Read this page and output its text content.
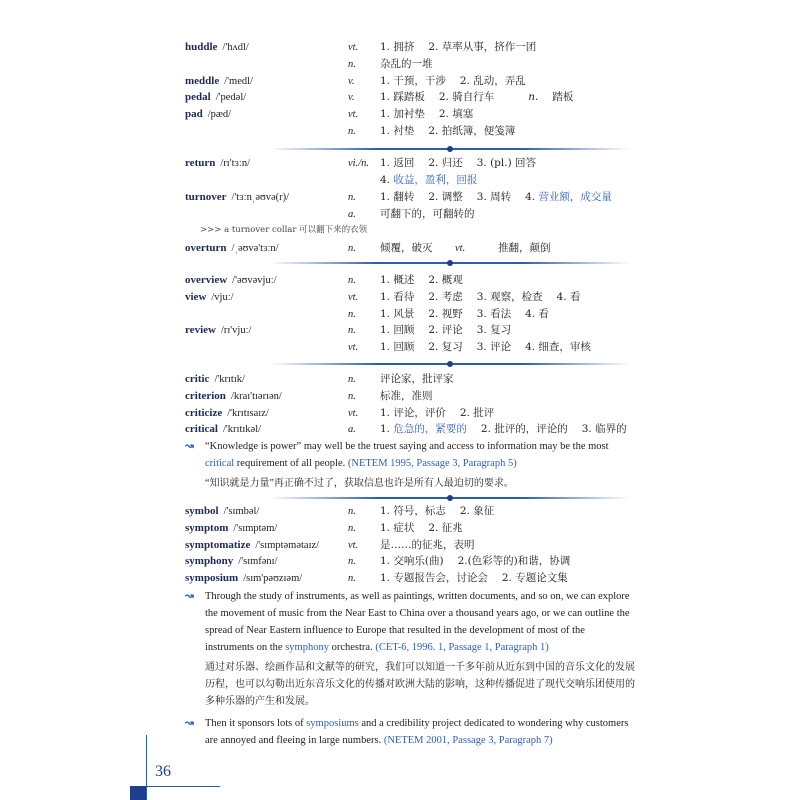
huddle /'hʌdl/	vt. 1. 拥挤 2. 草率从事，挤作一团
n. 杂乱的一堆
meddle /'medl/	v. 1. 干预，干涉 2. 乱动，弄乱
pedal /'pedəl/	v. 1. 踩踏板 2. 骑自行车	n. 踏板
pad /pæd/	vt. 1. 加衬垫 2. 填塞
n. 1. 衬垫 2. 拍纸簿，便笺簿
return /rɪ'tɜːn/	vi./n. 1. 返回 2. 归还 3. (pl.) 回答
4. 收益，盈利，回报
turnover /'tɜːnˌəʊvə(r)/	n. 1. 翻转 2. 调整 3. 周转 4. 营业额，成交量
a. 可翻下的，可翻转的
>>> a turnover collar 可以翻下来的衣领
overturn /ˌəʊvə'tɜːn/	n. 倾覆，破灭 vt.	推翻，颠倒
overview /'əʊvəvjuː/	n. 1. 概述 2. 概观
view /vjuː/	vt. 1. 看待 2. 考虑 3. 观察，检查 4. 看
n. 1. 风景 2. 视野 3. 看法 4. 看
review /rɪ'vjuː/	n. 1. 回顾 2. 评论 3. 复习
vt. 1. 回顾 2. 复习 3. 评论 4. 细查，审核
critic /'krɪtɪk/	n. 评论家，批评家
criterion /kraɪ'tɪərɪən/	n. 标准，准则
criticize /'krɪtɪsaɪz/	vt. 1. 评论，评价 2. 批评
critical /'krɪtɪkəl/	a. 1. 危急的，紧要的 2. 批评的，评论的 3. 临界的
↝ “Knowledge is power” may well be the truest saying and access to information may be the most critical requirement of all people. (NETEM 1995, Passage 3, Paragraph 5)
“知识就是力量”再正确不过了，获取信息也许是所有人最迫切的要求。
symbol /'sɪmbəl/	n. 1. 符号，标志 2. 象征
symptom /'sɪmptəm/	n. 1. 症状 2. 征兆
symptomatize /'sɪmptəmətaɪz/	vt. 是……的征兆，表明
symphony /'sɪmfənɪ/	n. 1. 交响乐(曲) 2.(色彩等的)和谐，协调
symposium /sɪm'pəʊzɪəm/	n. 1. 专题报告会，讨论会 2. 专题论文集
↝ Through the study of instruments, as well as paintings, written documents, and so on, we can explore the movement of music from the Near East to China over a thousand years ago, or we can outline the spread of Near Eastern influence to Europe that resulted in the development of most of the instruments on the symphony orchestra. (CET-6, 1996. 1, Passage 1, Paragraph 1)
通过对乐器、绘画作品和文献等的研究，我们可以知道一千多年前从近东到中国的音乐文化的发展历程，也可以勾勒出近东音乐文化的传播对欧洲大陆的影响，这种传播促进了现代交响乐团使用的多种乐器的产生和发展。
↝ Then it sponsors lots of symposiums and a credibility project dedicated to wondering why customers are annoyed and fleeing in large numbers. (NETEM 2001, Passage 3, Paragraph 7)
36
